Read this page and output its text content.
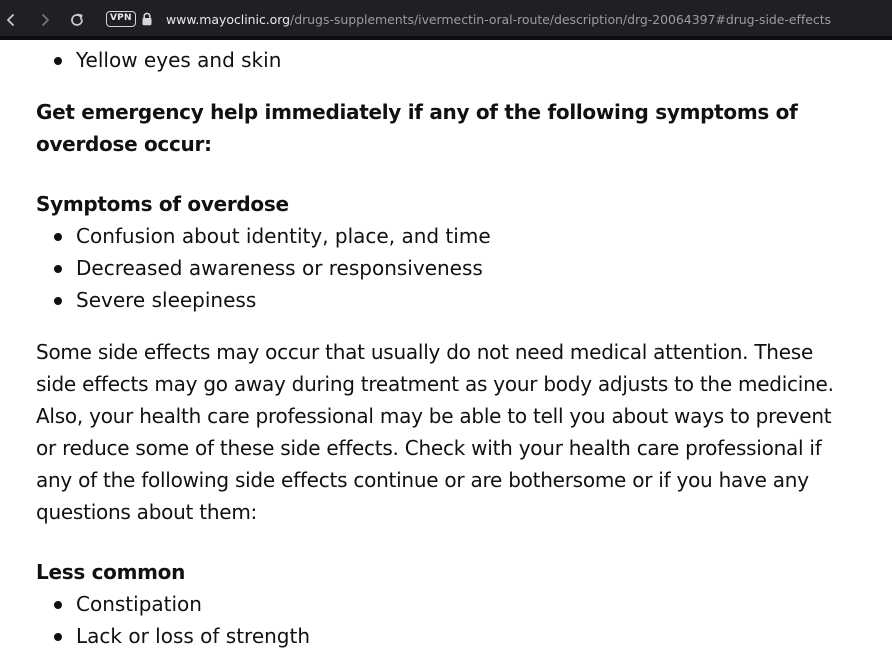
VPN	www.mayoclinic.org/drugs-supplements/ivermectin-oral-route/description/drg-20064397#drug-side-effects
Yellow eyes and skin

Get emergency help immediately if any of the following symptoms of overdose occur:

Symptoms of overdose
Confusion about identity, place, and time
Decreased awareness or responsiveness
Severe sleepiness

Some side effects may occur that usually do not need medical attention. These side effects may go away during treatment as your body adjusts to the medicine. Also, your health care professional may be able to tell you about ways to prevent or reduce some of these side effects. Check with your health care professional if any of the following side effects continue or are bothersome or if you have any questions about them:

Less common
Constipation
Lack or loss of strength
